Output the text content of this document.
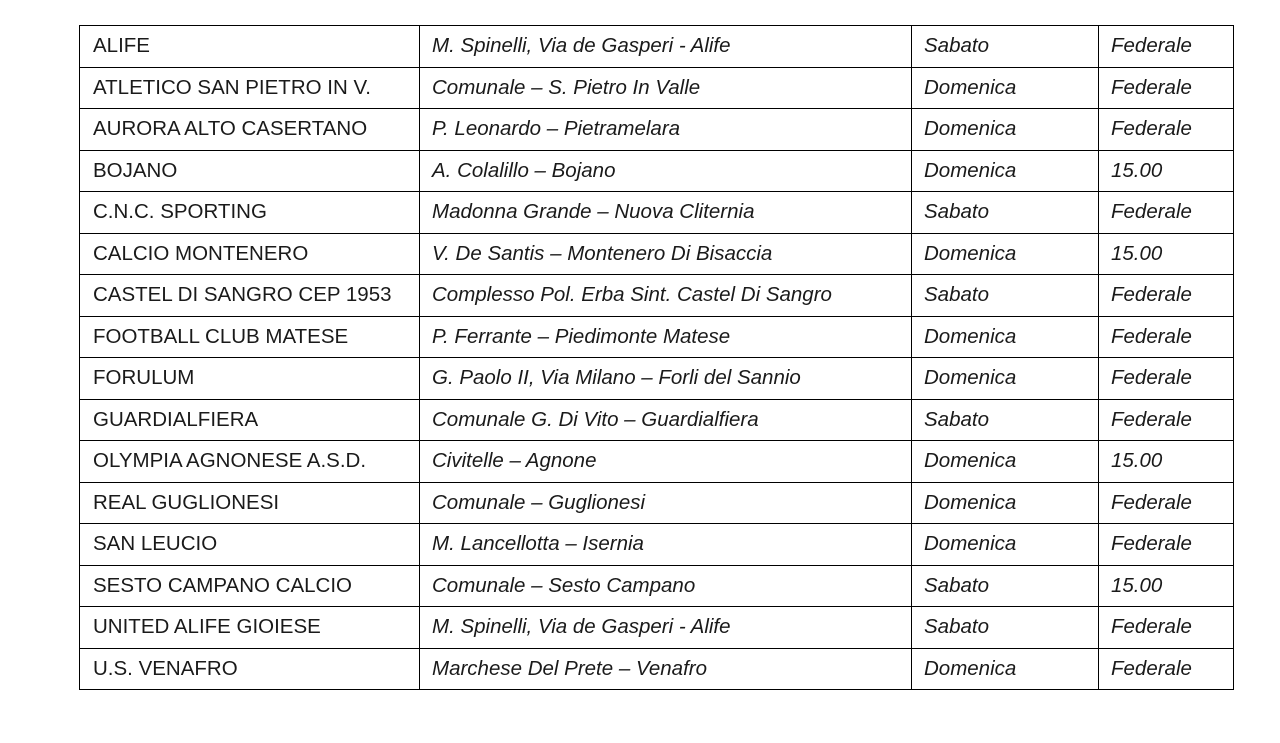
ALIFE	M. Spinelli, Via de Gasperi - Alife	Sabato	Federale
ATLETICO SAN PIETRO IN V.	Comunale – S. Pietro In Valle	Domenica	Federale
AURORA ALTO CASERTANO	P. Leonardo – Pietramelara	Domenica	Federale
BOJANO	A. Colalillo – Bojano	Domenica	15.00
C.N.C. SPORTING	Madonna Grande – Nuova Cliternia	Sabato	Federale
CALCIO MONTENERO	V. De Santis – Montenero Di Bisaccia	Domenica	15.00
CASTEL DI SANGRO CEP 1953	Complesso Pol. Erba Sint. Castel Di Sangro	Sabato	Federale
FOOTBALL CLUB MATESE	P. Ferrante – Piedimonte Matese	Domenica	Federale
FORULUM	G. Paolo II, Via Milano – Forli del Sannio	Domenica	Federale
GUARDIALFIERA	Comunale G. Di Vito – Guardialfiera	Sabato	Federale
OLYMPIA AGNONESE A.S.D.	Civitelle – Agnone	Domenica	15.00
REAL GUGLIONESI	Comunale – Guglionesi	Domenica	Federale
SAN LEUCIO	M. Lancellotta – Isernia	Domenica	Federale
SESTO CAMPANO CALCIO	Comunale – Sesto Campano	Sabato	15.00
UNITED ALIFE GIOIESE	M. Spinelli, Via de Gasperi - Alife	Sabato	Federale
U.S. VENAFRO	Marchese Del Prete – Venafro	Domenica	Federale
